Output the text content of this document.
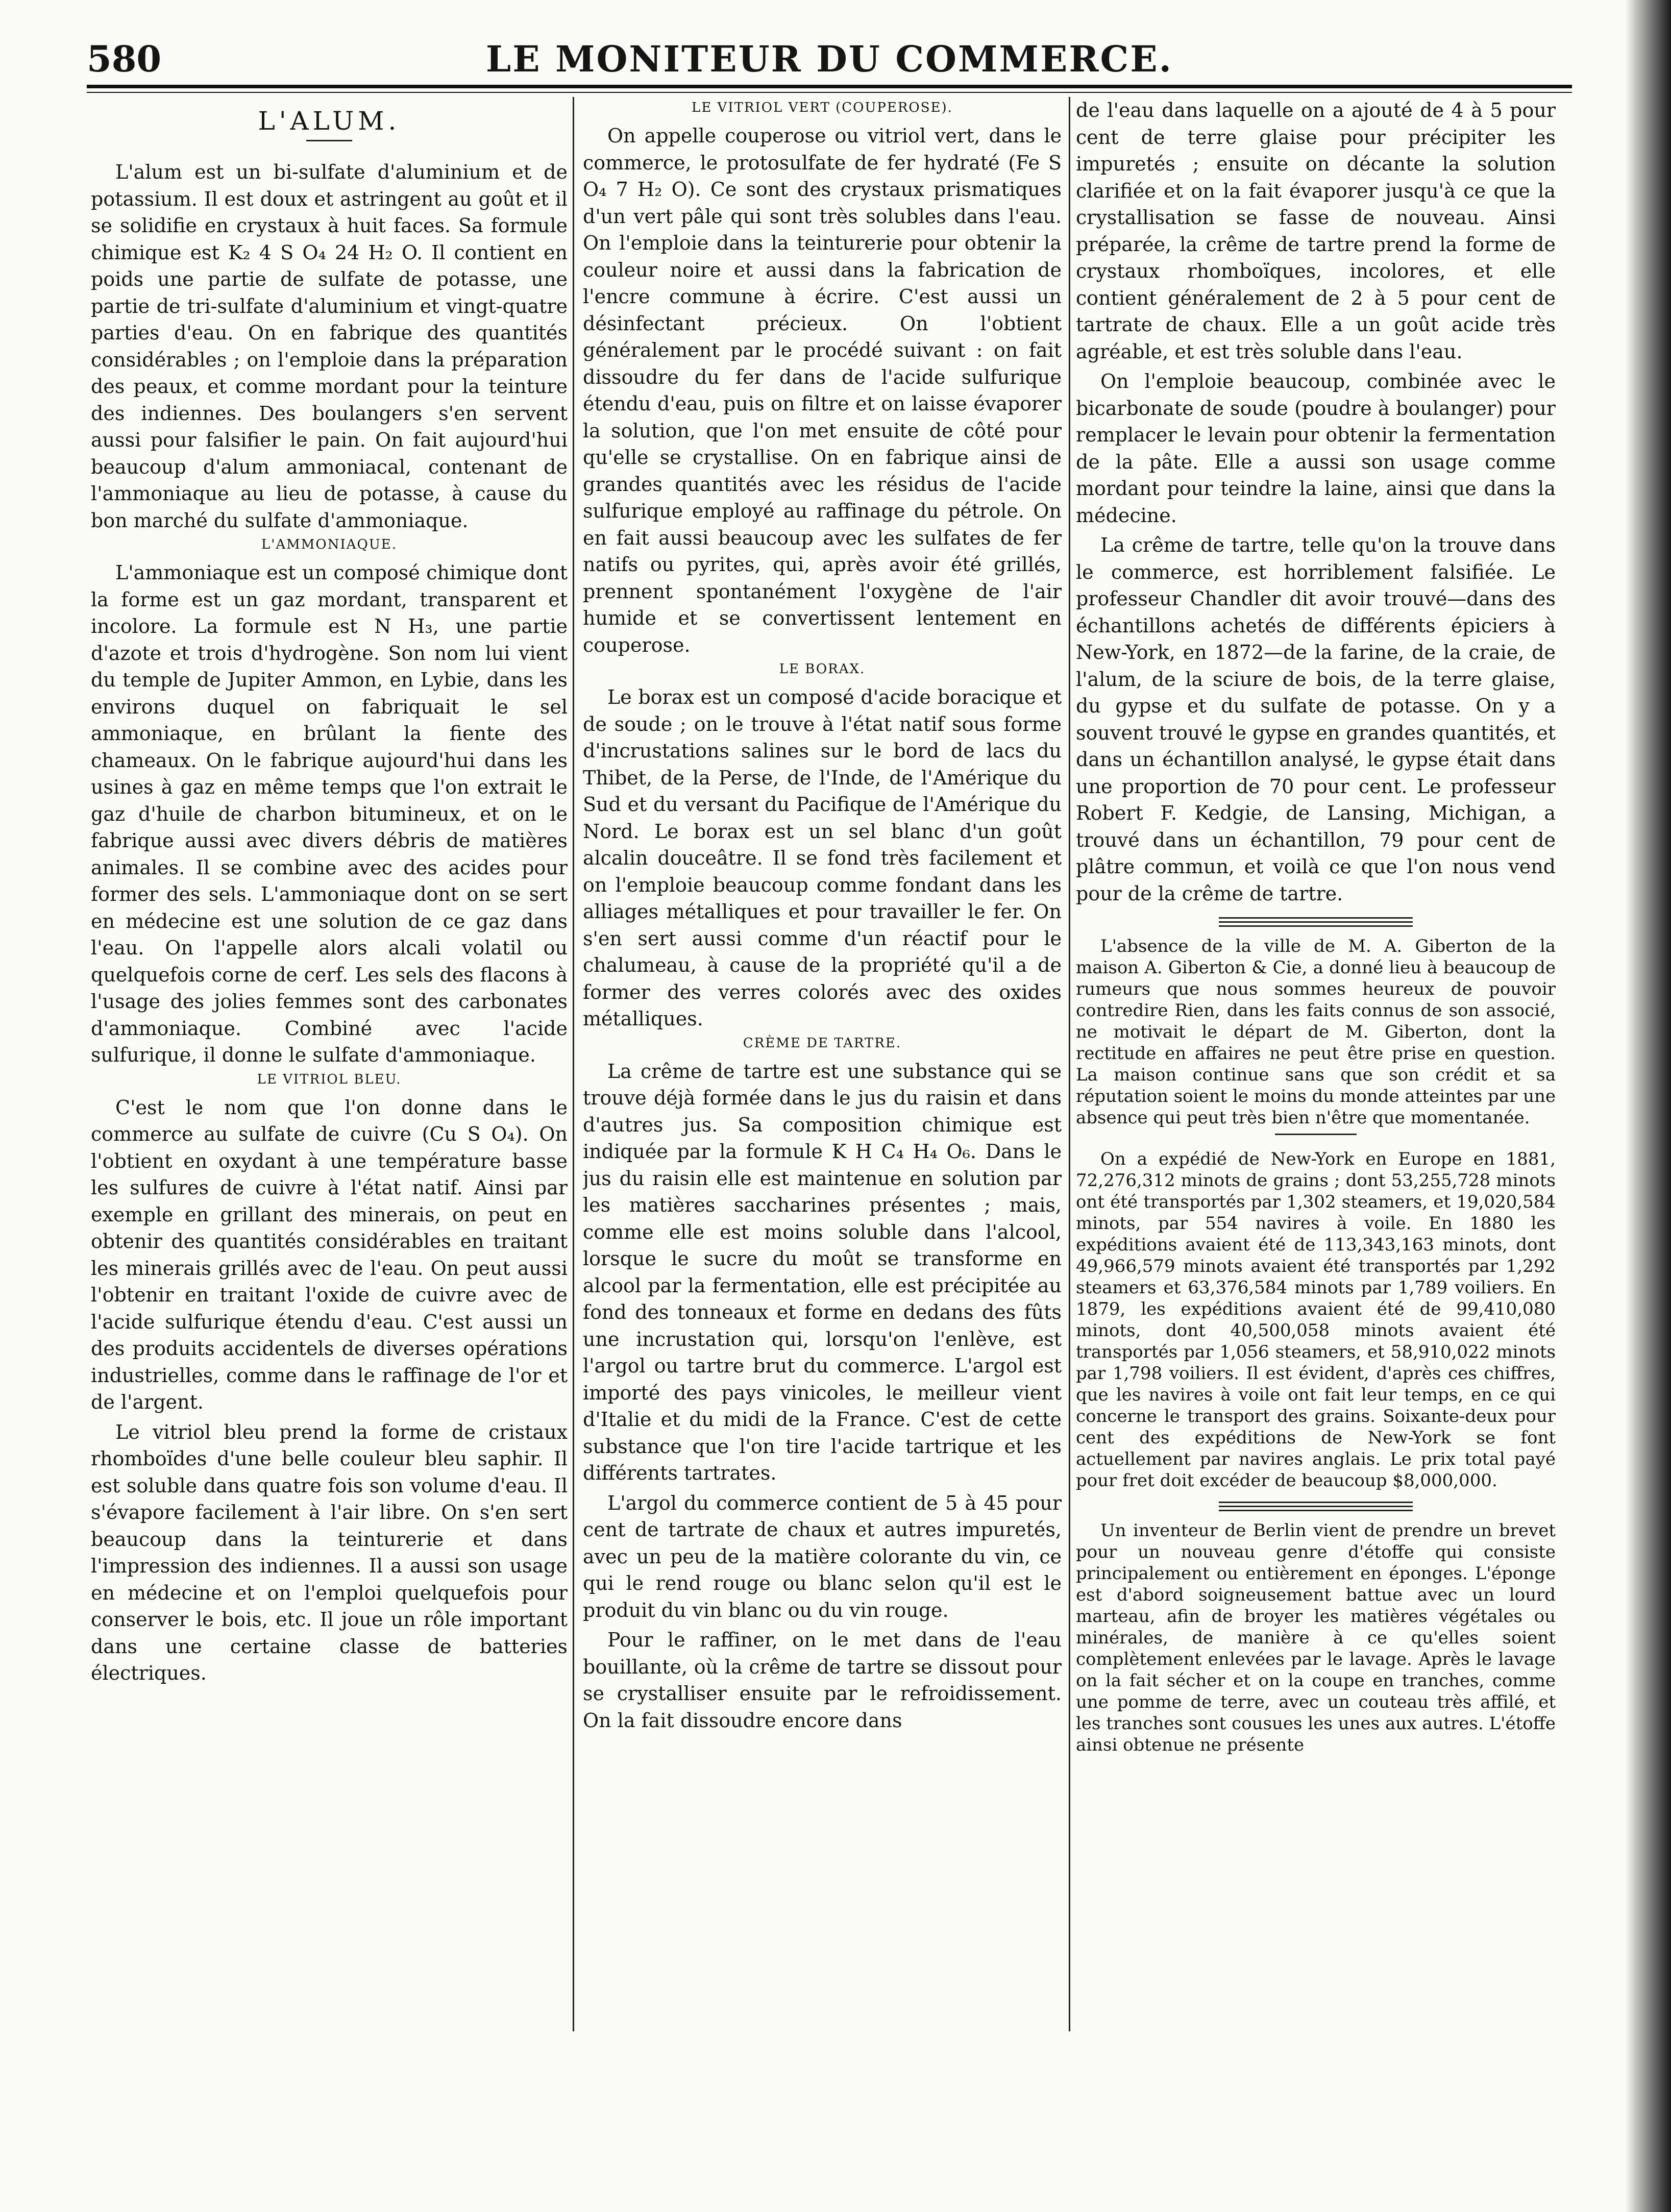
580	LE MONITEUR DU COMMERCE.
L'ALUM.

L'alum est un bi-sulfate d'aluminium et de potassium. Il est doux et astringent au goût et il se solidifie en crystaux à huit faces. Sa formule chimique est K₂ 4 S O₄ 24 H₂ O. Il contient en poids une partie de sulfate de potasse, une partie de tri-sulfate d'aluminium et vingt-quatre parties d'eau. On en fabrique des quantités considérables ; on l'emploie dans la préparation des peaux, et comme mordant pour la teinture des indiennes. Des boulangers s'en servent aussi pour falsifier le pain. On fait aujourd'hui beaucoup d'alum ammoniacal, contenant de l'ammoniaque au lieu de potasse, à cause du bon marché du sulfate d'ammoniaque.

L'AMMONIAQUE.

L'ammoniaque est un composé chimique dont la forme est un gaz mordant, transparent et incolore. La formule est N H₃, une partie d'azote et trois d'hydrogène. Son nom lui vient du temple de Jupiter Ammon, en Lybie, dans les environs duquel on fabriquait le sel ammoniaque, en brûlant la fiente des chameaux. On le fabrique aujourd'hui dans les usines à gaz en même temps que l'on extrait le gaz d'huile de charbon bitumineux, et on le fabrique aussi avec divers débris de matières animales. Il se combine avec des acides pour former des sels. L'ammoniaque dont on se sert en médecine est une solution de ce gaz dans l'eau. On l'appelle alors alcali volatil ou quelquefois corne de cerf. Les sels des flacons à l'usage des jolies femmes sont des carbonates d'ammoniaque. Combiné avec l'acide sulfurique, il donne le sulfate d'ammoniaque.

LE VITRIOL BLEU.

C'est le nom que l'on donne dans le commerce au sulfate de cuivre (Cu S O₄). On l'obtient en oxydant à une température basse les sulfures de cuivre à l'état natif. Ainsi par exemple en grillant des minerais, on peut en obtenir des quantités considérables en traitant les minerais grillés avec de l'eau. On peut aussi l'obtenir en traitant l'oxide de cuivre avec de l'acide sulfurique étendu d'eau. C'est aussi un des produits accidentels de diverses opérations industrielles, comme dans le raffinage de l'or et de l'argent.

Le vitriol bleu prend la forme de cristaux rhomboïdes d'une belle couleur bleu saphir. Il est soluble dans quatre fois son volume d'eau. Il s'évapore facilement à l'air libre. On s'en sert beaucoup dans la teinturerie et dans l'impression des indiennes. Il a aussi son usage en médecine et on l'emploi quelquefois pour conserver le bois, etc. Il joue un rôle important dans une certaine classe de batteries électriques.

LE VITRIOL VERT (COUPEROSE).

On appelle couperose ou vitriol vert, dans le commerce, le protosulfate de fer hydraté (Fe S O₄ 7 H₂ O). Ce sont des crystaux prismatiques d'un vert pâle qui sont très solubles dans l'eau. On l'emploie dans la teinturerie pour obtenir la couleur noire et aussi dans la fabrication de l'encre commune à écrire. C'est aussi un désinfectant précieux. On l'obtient généralement par le procédé suivant : on fait dissoudre du fer dans de l'acide sulfurique étendu d'eau, puis on filtre et on laisse évaporer la solution, que l'on met ensuite de côté pour qu'elle se crystallise. On en fabrique ainsi de grandes quantités avec les résidus de l'acide sulfurique employé au raffinage du pétrole. On en fait aussi beaucoup avec les sulfates de fer natifs ou pyrites, qui, après avoir été grillés, prennent spontanément l'oxygène de l'air humide et se convertissent lentement en couperose.

LE BORAX.

Le borax est un composé d'acide boracique et de soude ; on le trouve à l'état natif sous forme d'incrustations salines sur le bord de lacs du Thibet, de la Perse, de l'Inde, de l'Amérique du Sud et du versant du Pacifique de l'Amérique du Nord. Le borax est un sel blanc d'un goût alcalin douceâtre. Il se fond très facilement et on l'emploie beaucoup comme fondant dans les alliages métalliques et pour travailler le fer. On s'en sert aussi comme d'un réactif pour le chalumeau, à cause de la propriété qu'il a de former des verres colorés avec des oxides métalliques.

CRÈME DE TARTRE.

La crême de tartre est une substance qui se trouve déjà formée dans le jus du raisin et dans d'autres jus. Sa composition chimique est indiquée par la formule K H C₄ H₄ O₆. Dans le jus du raisin elle est maintenue en solution par les matières saccharines présentes ; mais, comme elle est moins soluble dans l'alcool, lorsque le sucre du moût se transforme en alcool par la fermentation, elle est précipitée au fond des tonneaux et forme en dedans des fûts une incrustation qui, lorsqu'on l'enlève, est l'argol ou tartre brut du commerce. L'argol est importé des pays vinicoles, le meilleur vient d'Italie et du midi de la France. C'est de cette substance que l'on tire l'acide tartrique et les différents tartrates.

L'argol du commerce contient de 5 à 45 pour cent de tartrate de chaux et autres impuretés, avec un peu de la matière colorante du vin, ce qui le rend rouge ou blanc selon qu'il est le produit du vin blanc ou du vin rouge.

Pour le raffiner, on le met dans de l'eau bouillante, où la crême de tartre se dissout pour se crystalliser ensuite par le refroidissement. On la fait dissoudre encore dans

de l'eau dans laquelle on a ajouté de 4 à 5 pour cent de terre glaise pour précipiter les impuretés ; ensuite on décante la solution clarifiée et on la fait évaporer jusqu'à ce que la crystallisation se fasse de nouveau. Ainsi préparée, la crême de tartre prend la forme de crystaux rhomboïques, incolores, et elle contient généralement de 2 à 5 pour cent de tartrate de chaux. Elle a un goût acide très agréable, et est très soluble dans l'eau.

On l'emploie beaucoup, combinée avec le bicarbonate de soude (poudre à boulanger) pour remplacer le levain pour obtenir la fermentation de la pâte. Elle a aussi son usage comme mordant pour teindre la laine, ainsi que dans la médecine.

La crême de tartre, telle qu'on la trouve dans le commerce, est horriblement falsifiée. Le professeur Chandler dit avoir trouvé—dans des échantillons achetés de différents épiciers à New-York, en 1872—de la farine, de la craie, de l'alum, de la sciure de bois, de la terre glaise, du gypse et du sulfate de potasse. On y a souvent trouvé le gypse en grandes quantités, et dans un échantillon analysé, le gypse était dans une proportion de 70 pour cent. Le professeur Robert F. Kedgie, de Lansing, Michigan, a trouvé dans un échantillon, 79 pour cent de plâtre commun, et voilà ce que l'on nous vend pour de la crême de tartre.

L'absence de la ville de M. A. Giberton de la maison A. Giberton & Cie, a donné lieu à beaucoup de rumeurs que nous sommes heureux de pouvoir contredire Rien, dans les faits connus de son associé, ne motivait le départ de M. Giberton, dont la rectitude en affaires ne peut être prise en question. La maison continue sans que son crédit et sa réputation soient le moins du monde atteintes par une absence qui peut très bien n'être que momentanée.

On a expédié de New-York en Europe en 1881, 72,276,312 minots de grains ; dont 53,255,728 minots ont été transportés par 1,302 steamers, et 19,020,584 minots, par 554 navires à voile. En 1880 les expéditions avaient été de 113,343,163 minots, dont 49,966,579 minots avaient été transportés par 1,292 steamers et 63,376,584 minots par 1,789 voiliers. En 1879, les expéditions avaient été de 99,410,080 minots, dont 40,500,058 minots avaient été transportés par 1,056 steamers, et 58,910,022 minots par 1,798 voiliers. Il est évident, d'après ces chiffres, que les navires à voile ont fait leur temps, en ce qui concerne le transport des grains. Soixante-deux pour cent des expéditions de New-York se font actuellement par navires anglais. Le prix total payé pour fret doit excéder de beaucoup $8,000,000.

Un inventeur de Berlin vient de prendre un brevet pour un nouveau genre d'étoffe qui consiste principalement ou entièrement en éponges. L'éponge est d'abord soigneusement battue avec un lourd marteau, afin de broyer les matières végétales ou minérales, de manière à ce qu'elles soient complètement enlevées par le lavage. Après le lavage on la fait sécher et on la coupe en tranches, comme une pomme de terre, avec un couteau très affilé, et les tranches sont cousues les unes aux autres. L'étoffe ainsi obtenue ne présente
